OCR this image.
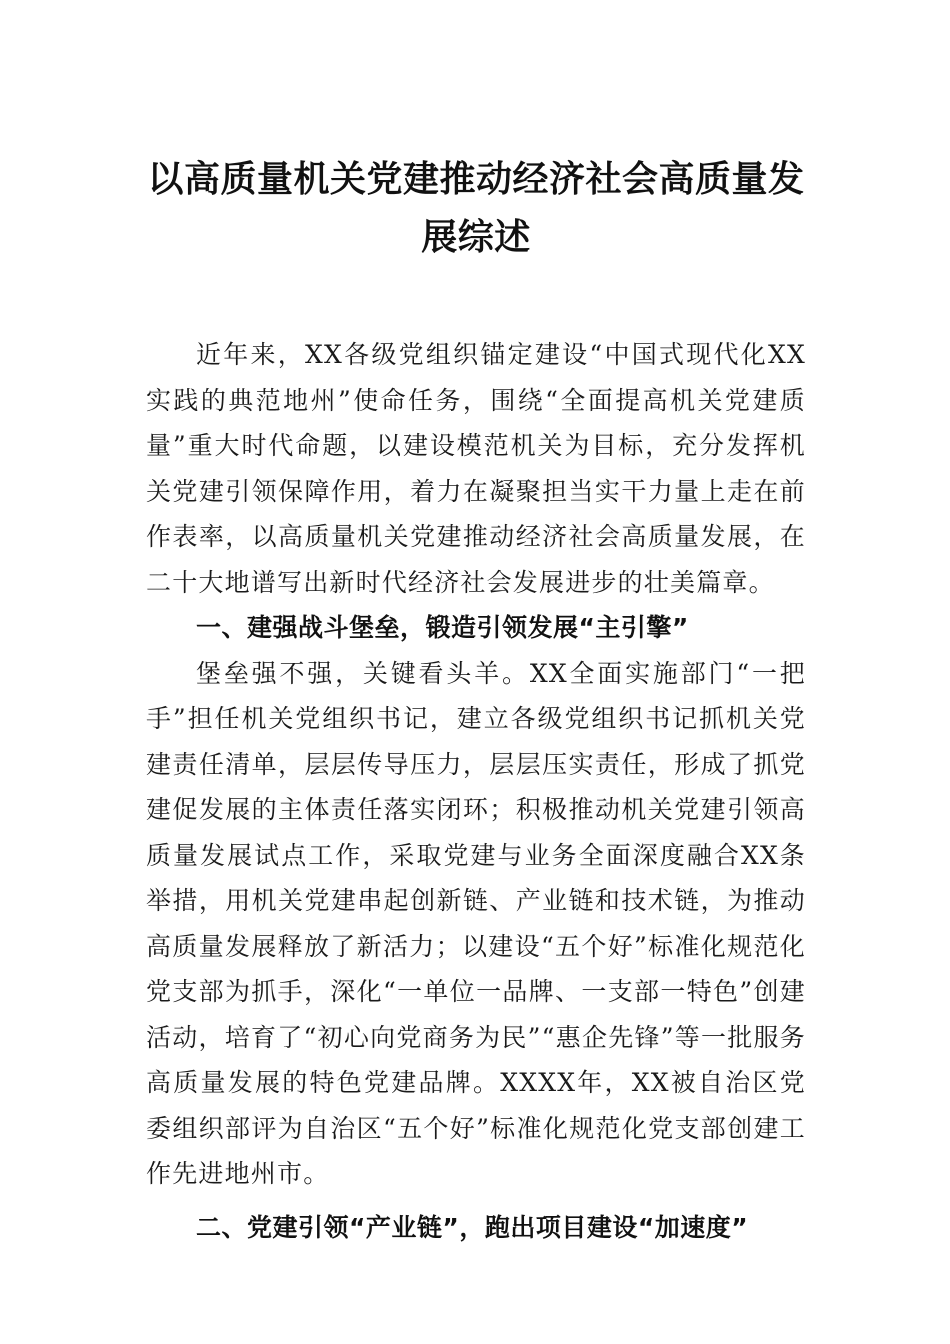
以高质量机关党建推动经济社会高质量发
展综述

近年来，XX各级党组织锚定建设“中国式现代化XX实践的典范地州”使命任务，围绕“全面提高机关党建质量”重大时代命题，以建设模范机关为目标，充分发挥机关党建引领保障作用，着力在凝聚担当实干力量上走在前作表率，以高质量机关党建推动经济社会高质量发展，在二十大地谱写出新时代经济社会发展进步的壮美篇章。

一、建强战斗堡垒，锻造引领发展“主引擎”

堡垒强不强，关键看头羊。XX全面实施部门“一把手”担任机关党组织书记，建立各级党组织书记抓机关党建责任清单，层层传导压力，层层压实责任，形成了抓党建促发展的主体责任落实闭环；积极推动机关党建引领高质量发展试点工作，采取党建与业务全面深度融合XX条举措，用机关党建串起创新链、产业链和技术链，为推动高质量发展释放了新活力；以建设“五个好”标准化规范化党支部为抓手，深化“一单位一品牌、一支部一特色”创建活动，培育了“初心向党商务为民”“惠企先锋”等一批服务高质量发展的特色党建品牌。XXXX年，XX被自治区党委组织部评为自治区“五个好”标准化规范化党支部创建工作先进地州市。

二、党建引领“产业链”，跑出项目建设“加速度”
